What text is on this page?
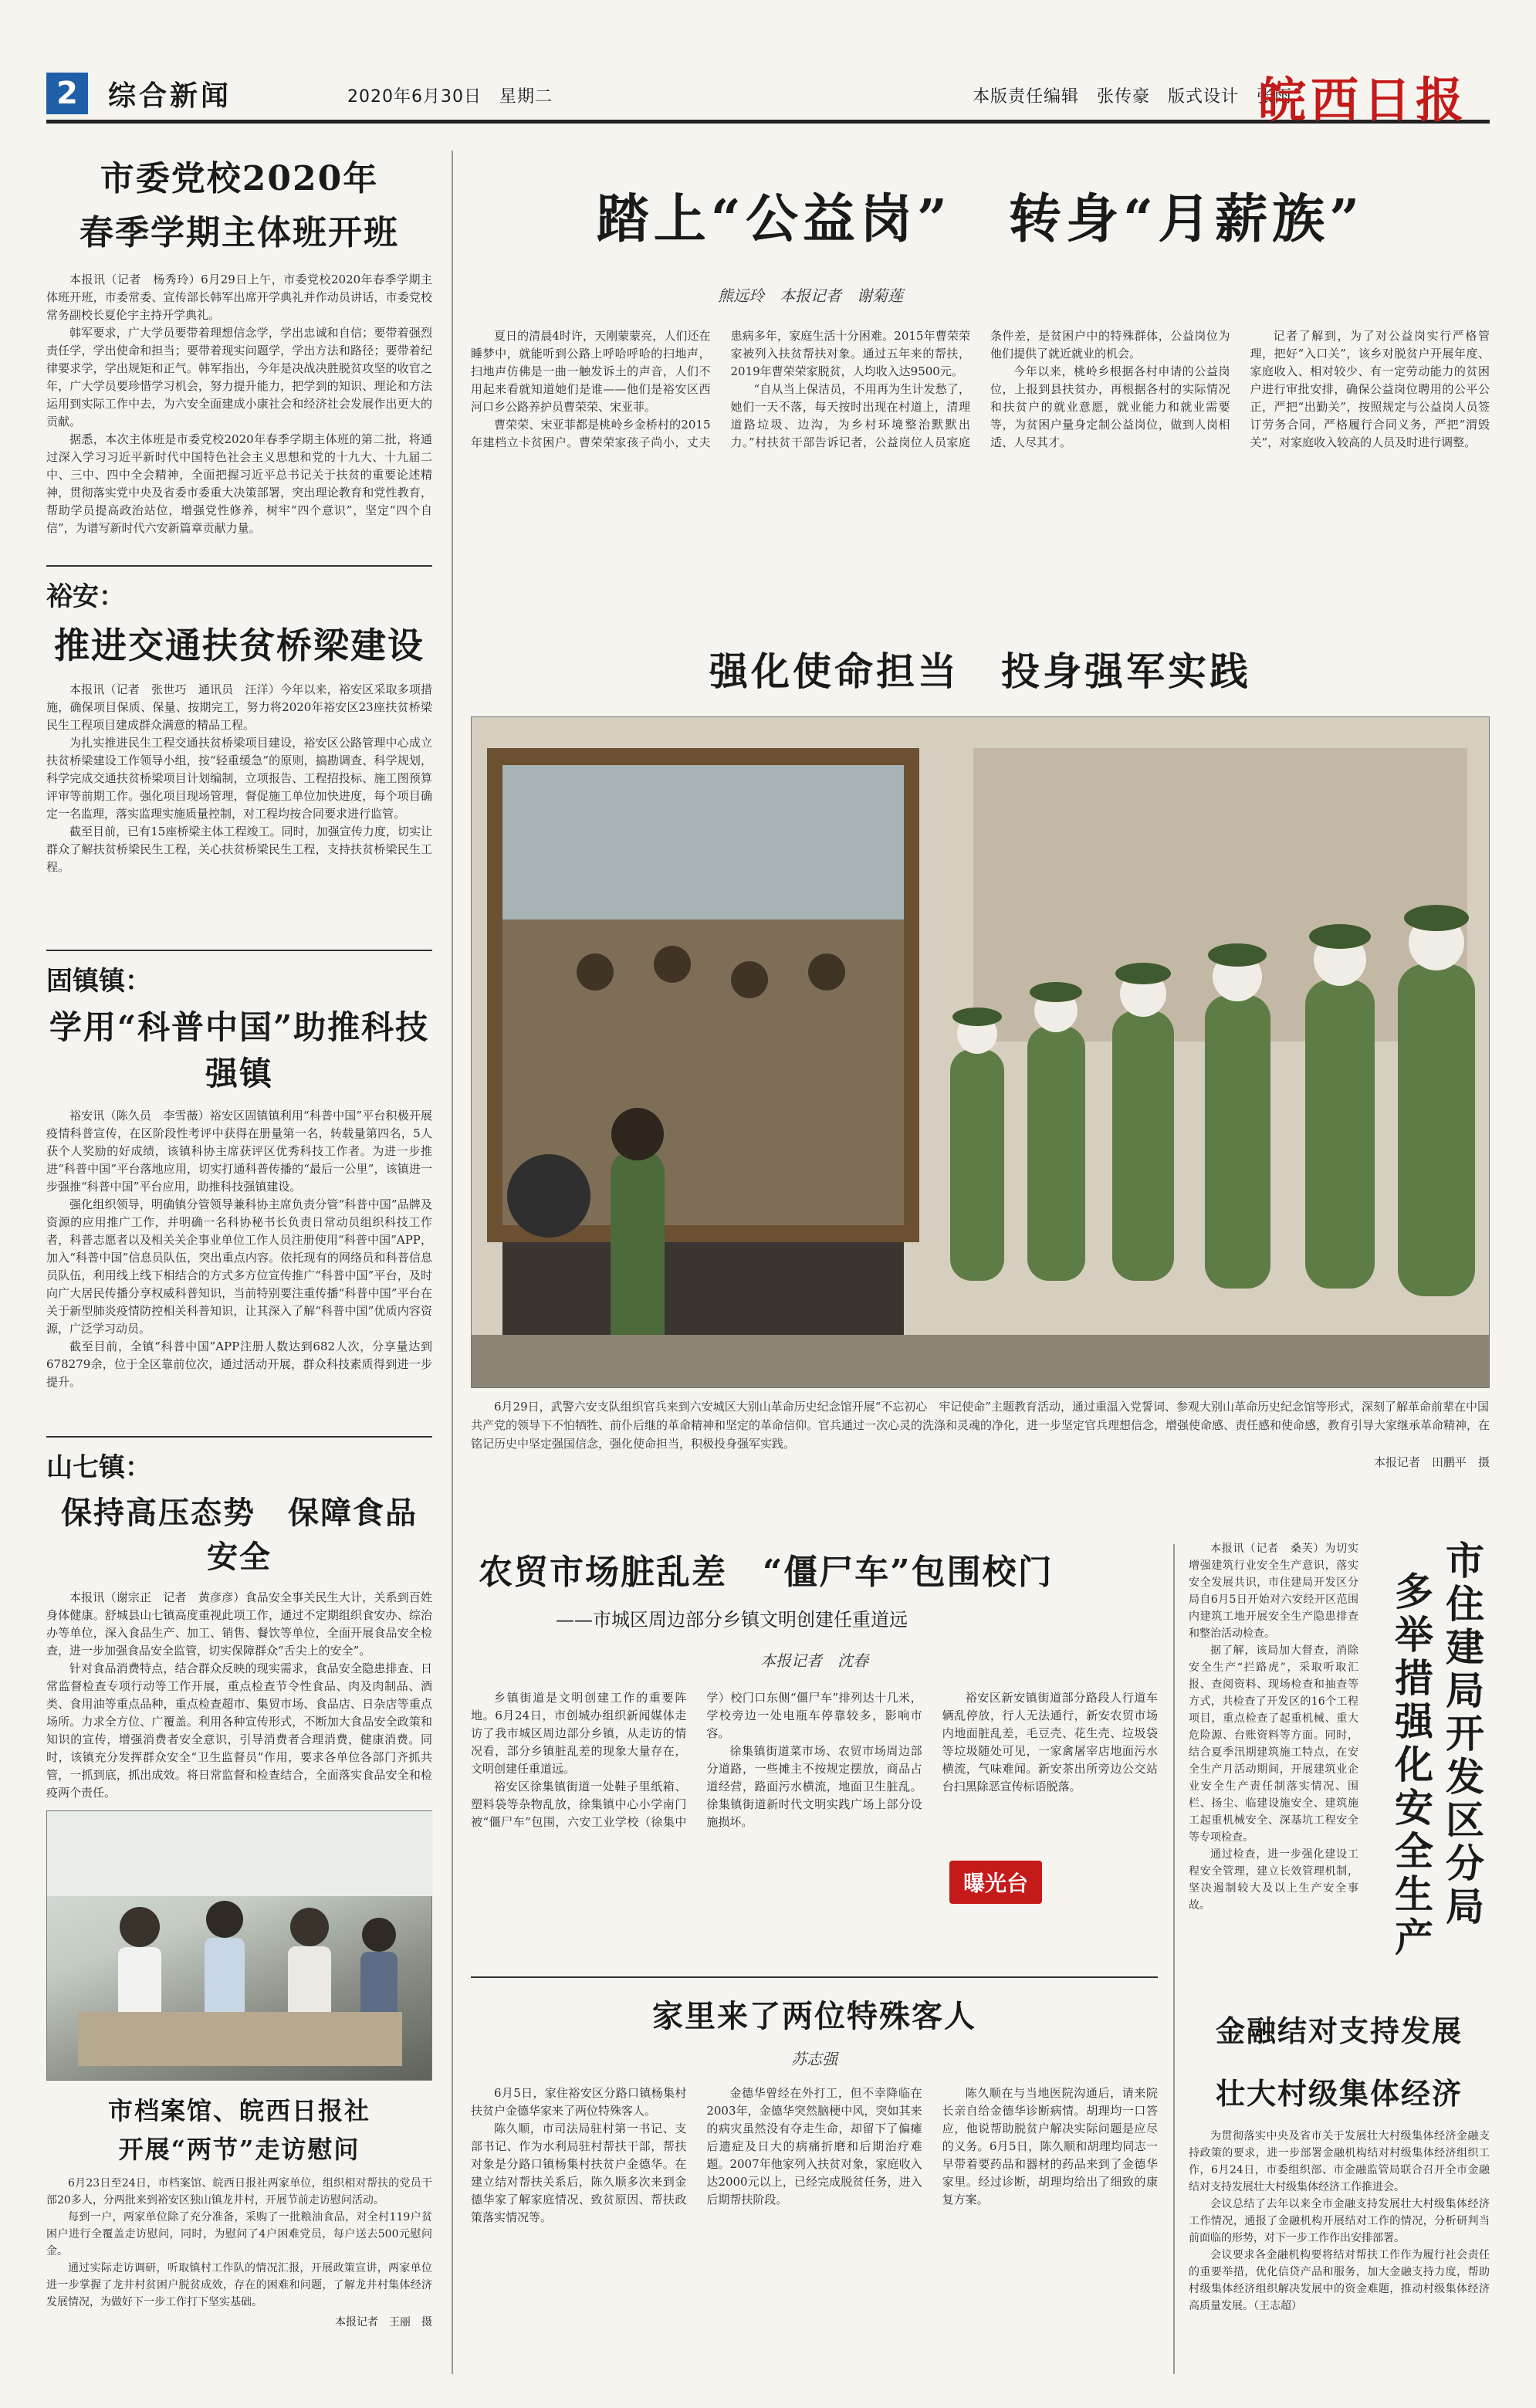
2	综合新闻	2020年6月30日　星期二	本版责任编辑　张传豪　版式设计　张雨
皖西日报
市委党校2020年
春季学期主体班开班

本报讯（记者　杨秀玲）6月29日上午，市委党校2020年春季学期主体班开班，市委常委、宣传部长韩军出席开学典礼并作动员讲话，市委党校常务副校长夏伦宇主持开学典礼。

韩军要求，广大学员要带着理想信念学，学出忠诚和自信；要带着强烈责任学，学出使命和担当；要带着现实问题学，学出方法和路径；要带着纪律要求学，学出规矩和正气。韩军指出，今年是决战决胜脱贫攻坚的收官之年，广大学员要珍惜学习机会，努力提升能力，把学到的知识、理论和方法运用到实际工作中去，为六安全面建成小康社会和经济社会发展作出更大的贡献。

据悉，本次主体班是市委党校2020年春季学期主体班的第二批，将通过深入学习习近平新时代中国特色社会主义思想和党的十九大、十九届二中、三中、四中全会精神，全面把握习近平总书记关于扶贫的重要论述精神，贯彻落实党中央及省委市委重大决策部署，突出理论教育和党性教育，帮助学员提高政治站位，增强党性修养，树牢“四个意识”，坚定“四个自信”，为谱写新时代六安新篇章贡献力量。

裕安：
推进交通扶贫桥梁建设

本报讯（记者　张世巧　通讯员　汪洋）今年以来，裕安区采取多项措施，确保项目保质、保量、按期完工，努力将2020年裕安区23座扶贫桥梁民生工程项目建成群众满意的精品工程。

为扎实推进民生工程交通扶贫桥梁项目建设，裕安区公路管理中心成立扶贫桥梁建设工作领导小组，按“轻重缓急”的原则，搞勘调查、科学规划，科学完成交通扶贫桥梁项目计划编制，立项报告、工程招投标、施工图预算评审等前期工作。强化项目现场管理，督促施工单位加快进度，每个项目确定一名监理，落实监理实施质量控制，对工程均按合同要求进行监管。

截至目前，已有15座桥梁主体工程竣工。同时，加强宣传力度，切实让群众了解扶贫桥梁民生工程，关心扶贫桥梁民生工程，支持扶贫桥梁民生工程。

固镇镇：
学用“科普中国”助推科技强镇

裕安讯（陈久员　李雪薇）裕安区固镇镇利用“科普中国”平台积极开展疫情科普宣传，在区阶段性考评中获得在册量第一名，转载量第四名，5人获个人奖励的好成绩，该镇科协主席获评区优秀科技工作者。为进一步推进“科普中国”平台落地应用，切实打通科普传播的“最后一公里”，该镇进一步强推“科普中国”平台应用，助推科技强镇建设。

强化组织领导，明确镇分管领导兼科协主席负责分管“科普中国”品牌及资源的应用推广工作，并明确一名科协秘书长负责日常动员组织科技工作者，科普志愿者以及相关关企事业单位工作人员注册使用“科普中国”APP，加入“科普中国”信息员队伍，突出重点内容。依托现有的网络员和科普信息员队伍，利用线上线下相结合的方式多方位宣传推广“科普中国”平台，及时向广大居民传播分享权威科普知识，当前特别要注重传播“科普中国”平台在关于新型肺炎疫情防控相关科普知识，让其深入了解“科普中国”优质内容资源，广泛学习动员。

截至目前，全镇“科普中国”APP注册人数达到682人次，分享量达到678279余，位于全区靠前位次，通过活动开展，群众科技素质得到进一步提升。

山七镇：
保持高压态势　保障食品安全

本报讯（谢宗正　记者　黄彦彦）食品安全事关民生大计，关系到百姓身体健康。舒城县山七镇高度重视此项工作，通过不定期组织食安办、综治办等单位，深入食品生产、加工、销售、餐饮等单位，全面开展食品安全检查，进一步加强食品安全监管，切实保障群众“舌尖上的安全”。

针对食品消费特点，结合群众反映的现实需求，食品安全隐患排查、日常监督检查专项行动等工作开展，重点检查节令性食品、肉及肉制品、酒类、食用油等重点品种，重点检查超市、集贸市场、食品店、日杂店等重点场所。力求全方位、广覆盖。利用各种宣传形式，不断加大食品安全政策和知识的宣传，增强消费者安全意识，引导消费者合理消费，健康消费。同时，该镇充分发挥群众安全“卫生监督员”作用，要求各单位各部门齐抓共管，一抓到底，抓出成效。将日常监督和检查结合，全面落实食品安全和检疫两个责任。

市档案馆、皖西日报社
开展“两节”走访慰问

6月23日至24日，市档案馆、皖西日报社两家单位，组织相对帮扶的党员干部20多人，分两批来到裕安区独山镇龙井村，开展节前走访慰问活动。

每到一户，两家单位除了充分准备，采购了一批粮油食品，对全村119户贫困户进行全覆盖走访慰问，同时，为慰问了4户困难党员，每户送去500元慰问金。

通过实际走访调研，听取镇村工作队的情况汇报，开展政策宣讲，两家单位进一步掌握了龙井村贫困户脱贫成效，存在的困难和问题，了解龙井村集体经济发展情况，为做好下一步工作打下坚实基础。

本报记者　王丽　摄
踏上“公益岗”　转身“月薪族”
熊远玲　本报记者　谢菊莲

夏日的清晨4时许，天刚蒙蒙亮，人们还在睡梦中，就能听到公路上呼哈呼哈的扫地声，扫地声仿佛是一曲一触发诉土的声音，人们不用起来看就知道她们是谁——他们是裕安区西河口乡公路养护员曹荣荣、宋亚菲。

曹荣荣、宋亚菲都是桃岭乡金桥村的2015年建档立卡贫困户。曹荣荣家孩子尚小，丈夫患病多年，家庭生活十分困难。2015年曹荣荣家被列入扶贫帮扶对象。通过五年来的帮扶，2019年曹荣荣家脱贫，人均收入达9500元。

“自从当上保洁员，不用再为生计发愁了，她们一天不落，每天按时出现在村道上，清理道路垃圾、边沟，为乡村环境整治默默出力。”村扶贫干部告诉记者，公益岗位人员家庭条件差，是贫困户中的特殊群体，公益岗位为他们提供了就近就业的机会。

今年以来，桃岭乡根据各村申请的公益岗位，上报到县扶贫办，再根据各村的实际情况和扶贫户的就业意愿，就业能力和就业需要等，为贫困户量身定制公益岗位，做到人岗相适、人尽其才。

记者了解到，为了对公益岗实行严格管理，把好“入口关”，该乡对脱贫户开展年度、家庭收入、相对较少、有一定劳动能力的贫困户进行审批安排，确保公益岗位聘用的公平公正，严把“出勤关”，按照规定与公益岗人员签订劳务合同，严格履行合同义务，严把“渭毁关”，对家庭收入较高的人员及时进行调整。

强化使命担当　投身强军实践
6月29日，武警六安支队组织官兵来到六安城区大别山革命历史纪念馆开展“不忘初心　牢记使命”主题教育活动，通过重温入党誓词、参观大别山革命历史纪念馆等形式，深刻了解革命前辈在中国共产党的领导下不怕牺牲、前仆后继的革命精神和坚定的革命信仰。官兵通过一次心灵的洗涤和灵魂的净化，进一步坚定官兵理想信念，增强使命感、责任感和使命感，教育引导大家继承革命精神，在铭记历史中坚定强国信念，强化使命担当，积极投身强军实践。
本报记者　田鹏平　摄
农贸市场脏乱差　“僵尸车”包围校门
——市城区周边部分乡镇文明创建任重道远
本报记者　沈春

乡镇街道是文明创建工作的重要阵地。6月24日，市创城办组织新闻媒体走访了我市城区周边部分乡镇，从走访的情况看，部分乡镇脏乱差的现象大量存在，文明创建任重道远。

裕安区徐集镇街道一处鞋子里纸箱、塑料袋等杂物乱放，徐集镇中心小学南门被“僵尸车”包围，六安工业学校（徐集中学）校门口东侧“僵尸车”排列达十几米，学校旁边一处电瓶车停靠较多，影响市容。

徐集镇街道菜市场、农贸市场周边部分道路，一些摊主不按规定摆放，商品占道经营，路面污水横流，地面卫生脏乱。徐集镇街道新时代文明实践广场上部分设施损坏。

裕安区新安镇街道部分路段人行道车辆乱停放，行人无法通行，新安农贸市场内地面脏乱差，毛豆壳、花生壳、垃圾袋等垃圾随处可见，一家禽屠宰店地面污水横流，气味难闻。新安茶出所旁边公交站台扫黑除恶宣传标语脱落。

曝光台
家里来了两位特殊客人
苏志强

6月5日，家住裕安区分路口镇杨集村扶贫户金德华家来了两位特殊客人。

陈久顺，市司法局驻村第一书记、支部书记、作为水利局驻村帮扶干部，帮扶对象是分路口镇杨集村扶贫户金德华。在建立结对帮扶关系后，陈久顺多次来到金德华家了解家庭情况、致贫原因、帮扶政策落实情况等。

金德华曾经在外打工，但不幸降临在2003年，金德华突然脑梗中风，突如其来的病灾虽然没有夺走生命，却留下了偏瘫后遗症及日大的病痛折磨和后期治疗难题。2007年他家列入扶贫对象，家庭收入达2000元以上，已经完成脱贫任务，进入后期帮扶阶段。

陈久顺在与当地医院沟通后，请来院长亲自给金德华诊断病情。胡理均一口答应，他说帮助脱贫户解决实际问题是应尽的义务。6月5日，陈久顺和胡理均同志一早带着要药品和器材的药品来到了金德华家里。经过诊断，胡理均给出了细致的康复方案。

市住建局开发区分局
多举措强化安全生产

本报讯（记者　桑芙）为切实增强建筑行业安全生产意识，落实安全发展共识，市住建局开发区分局自6月5日开始对六安经开区范围内建筑工地开展安全生产隐患排查和整治活动检查。

据了解，该局加大督查，消除安全生产“拦路虎”，采取听取汇报、查阅资料、现场检查和抽查等方式，共检查了开发区的16个工程项目，重点检查了起重机械、重大危险源、台账资料等方面。同时，结合夏季汛期建筑施工特点，在安全生产月活动期间，开展建筑业企业安全生产责任制落实情况、围栏、扬尘、临建设施安全、建筑施工起重机械安全、深基坑工程安全等专项检查。

通过检查，进一步强化建设工程安全管理，建立长效管理机制，坚决遏制较大及以上生产安全事故。

金融结对支持发展
壮大村级集体经济

为贯彻落实中央及省市关于发展壮大村级集体经济金融支持政策的要求，进一步部署金融机构结对村级集体经济组织工作，6月24日，市委组织部、市金融监管局联合召开全市金融结对支持发展壮大村级集体经济工作推进会。

会议总结了去年以来全市金融支持发展壮大村级集体经济工作情况，通报了金融机构开展结对工作的情况，分析研判当前面临的形势，对下一步工作作出安排部署。

会议要求各金融机构要将结对帮扶工作作为履行社会责任的重要举措，优化信贷产品和服务，加大金融支持力度，帮助村级集体经济组织解决发展中的资金难题，推动村级集体经济高质量发展。（王志超）
